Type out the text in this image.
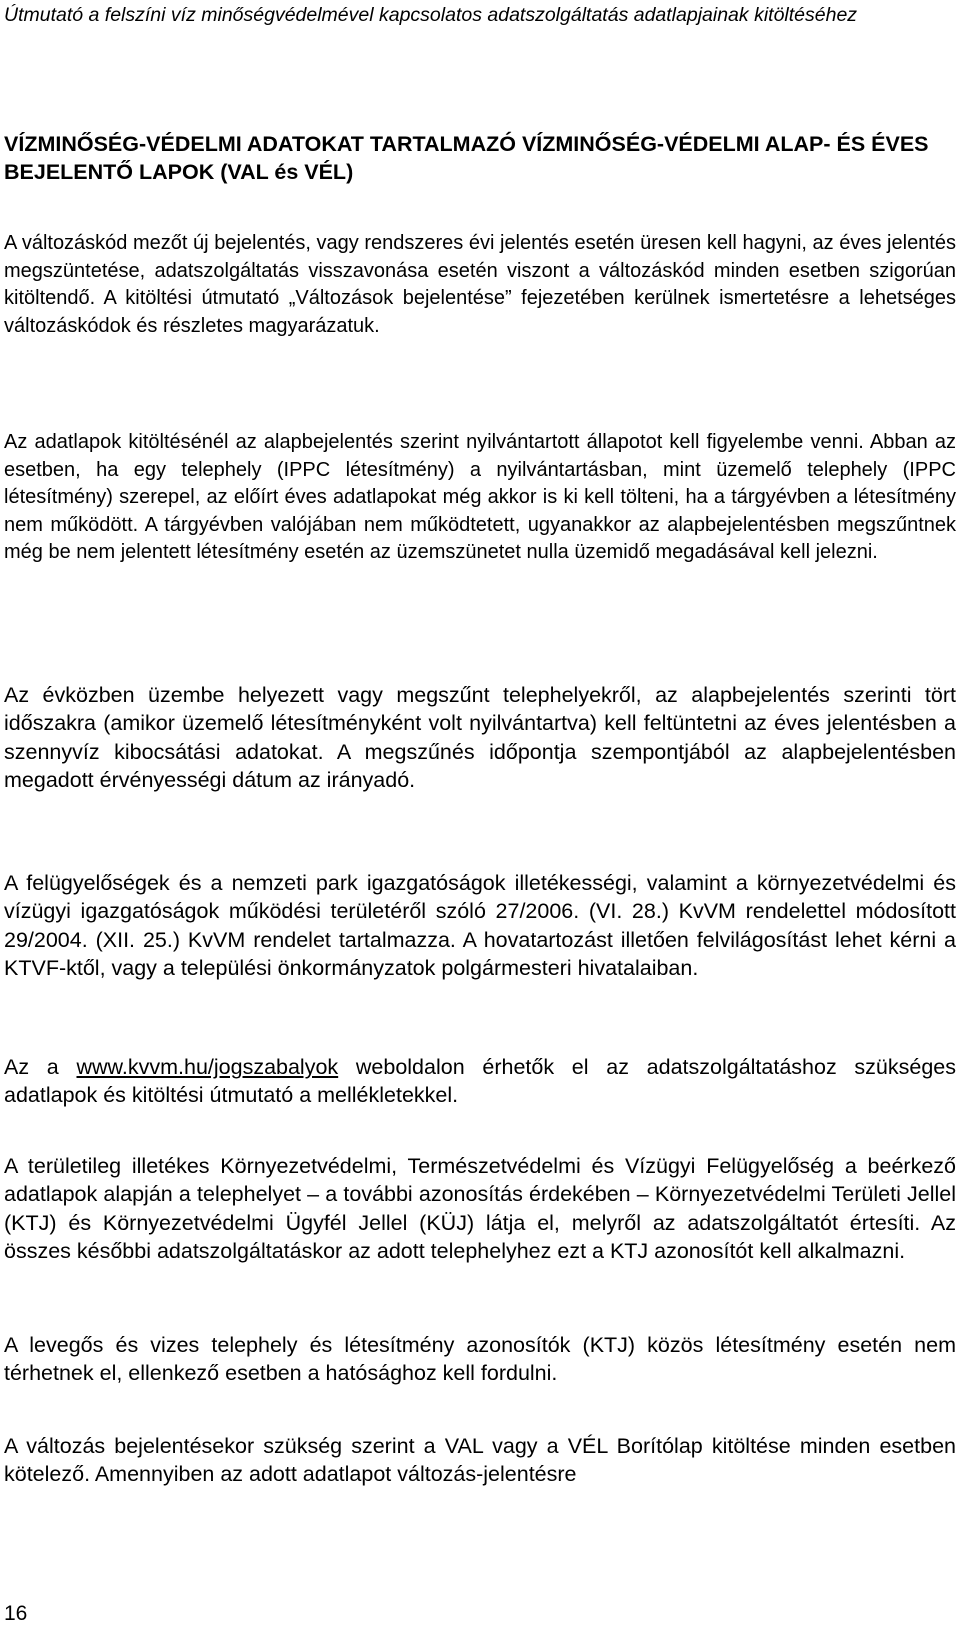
Útmutató a felszíni víz minőségvédelmével kapcsolatos adatszolgáltatás adatlapjainak kitöltéséhez
VÍZMINŐSÉG-VÉDELMI ADATOKAT TARTALMAZÓ VÍZMINŐSÉG-VÉDELMI ALAP- ÉS ÉVES BEJELENTŐ LAPOK (VAL és VÉL)

A változáskód mezőt új bejelentés, vagy rendszeres évi jelentés esetén üresen kell hagyni, az éves jelentés megszüntetése, adatszolgáltatás visszavonása esetén viszont a változáskód minden esetben szigorúan kitöltendő. A kitöltési útmutató „Változások bejelentése” fejezetében kerülnek ismertetésre a lehetséges változáskódok és részletes magyarázatuk.

Az adatlapok kitöltésénél az alapbejelentés szerint nyilvántartott állapotot kell figyelembe venni. Abban az esetben, ha egy telephely (IPPC létesítmény) a nyilvántartásban, mint üzemelő telephely (IPPC létesítmény) szerepel, az előírt éves adatlapokat még akkor is ki kell tölteni, ha a tárgyévben a létesítmény nem működött. A tárgyévben valójában nem működtetett, ugyanakkor az alapbejelentésben megszűntnek még be nem jelentett létesítmény esetén az üzemszünetet nulla üzemidő megadásával kell jelezni.

Az évközben üzembe helyezett vagy megszűnt telephelyekről, az alapbejelentés szerinti tört időszakra (amikor üzemelő létesítményként volt nyilvántartva) kell feltüntetni az éves jelentésben a szennyvíz kibocsátási adatokat. A megszűnés időpontja szempontjából az alapbejelentésben megadott érvényességi dátum az irányadó.

A felügyelőségek és a nemzeti park igazgatóságok illetékességi, valamint a környezetvédelmi és vízügyi igazgatóságok működési területéről szóló 27/2006. (VI. 28.) KvVM rendelettel módosított 29/2004. (XII. 25.) KvVM rendelet tartalmazza. A hovatartozást illetően felvilágosítást lehet kérni a KTVF-ktől, vagy a települési önkormányzatok polgármesteri hivatalaiban.

Az a www.kvvm.hu/jogszabalyok weboldalon érhetők el az adatszolgáltatáshoz szükséges adatlapok és kitöltési útmutató a mellékletekkel.

A területileg illetékes Környezetvédelmi, Természetvédelmi és Vízügyi Felügyelőség a beérkező adatlapok alapján a telephelyet – a további azonosítás érdekében – Környezetvédelmi Területi Jellel (KTJ) és Környezetvédelmi Ügyfél Jellel (KÜJ) látja el, melyről az adatszolgáltatót értesíti. Az összes későbbi adatszolgáltatáskor az adott telephelyhez ezt a KTJ azonosítót kell alkalmazni.

A levegős és vizes telephely és létesítmény azonosítók (KTJ) közös létesítmény esetén nem térhetnek el, ellenkező esetben a hatósághoz kell fordulni.

A változás bejelentésekor szükség szerint a VAL vagy a VÉL Borítólap kitöltése minden esetben kötelező. Amennyiben az adott adatlapot változás-jelentésre

16
